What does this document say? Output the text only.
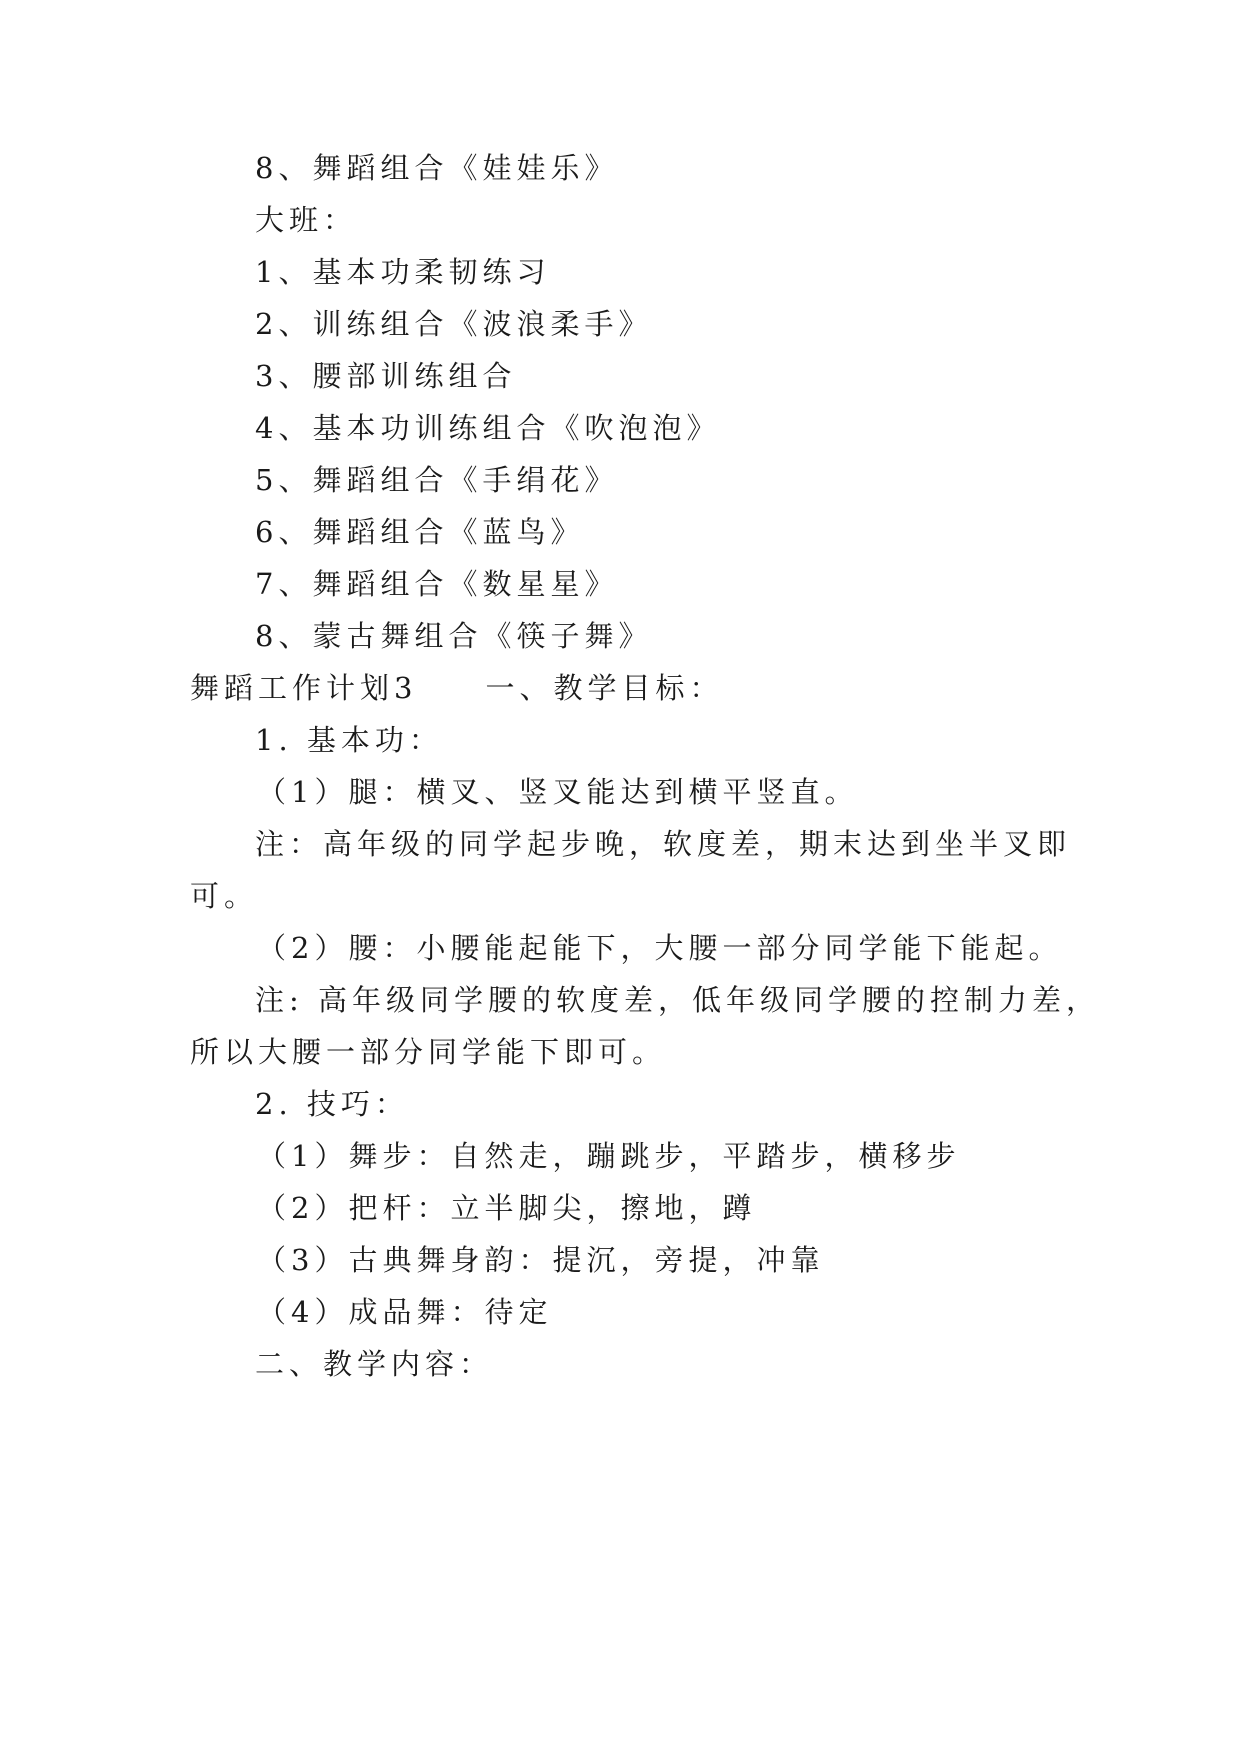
8、舞蹈组合《娃娃乐》
大班：
1、基本功柔韧练习
2、训练组合《波浪柔手》
3、腰部训练组合
4、基本功训练组合《吹泡泡》
5、舞蹈组合《手绢花》
6、舞蹈组合《蓝鸟》
7、舞蹈组合《数星星》
8、蒙古舞组合《筷子舞》
舞蹈工作计划3　　一、教学目标：
1. 基本功：
（1）腿：横叉、竖叉能达到横平竖直。
注：高年级的同学起步晚，软度差，期末达到坐半叉即
可。
（2）腰：小腰能起能下，大腰一部分同学能下能起。
注: 高年级同学腰的软度差，低年级同学腰的控制力差，
所以大腰一部分同学能下即可。
2. 技巧：
（1）舞步：自然走，蹦跳步，平踏步，横移步
（2）把杆：立半脚尖，擦地，蹲
（3）古典舞身韵：提沉，旁提，冲靠
（4）成品舞：待定
二、教学内容：
